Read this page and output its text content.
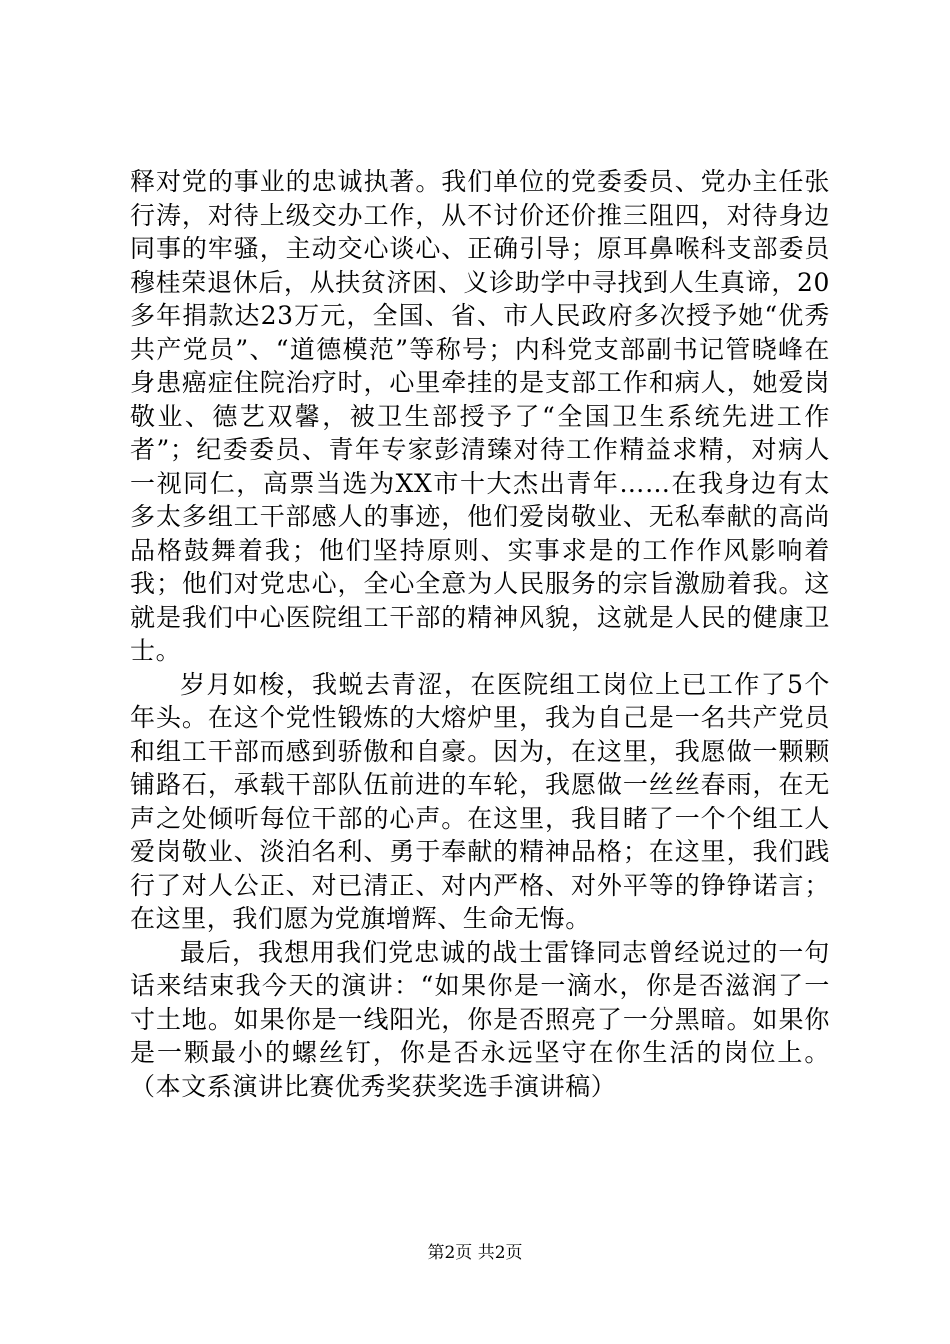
释对党的事业的忠诚执著。我们单位的党委委员、党办主任张行涛，对待上级交办工作，从不讨价还价推三阻四，对待身边同事的牢骚，主动交心谈心、正确引导；原耳鼻喉科支部委员穆桂荣退休后，从扶贫济困、义诊助学中寻找到人生真谛，20多年捐款达23万元，全国、省、市人民政府多次授予她“优秀共产党员”、“道德模范”等称号；内科党支部副书记管晓峰在身患癌症住院治疗时，心里牵挂的是支部工作和病人，她爱岗敬业、德艺双馨，被卫生部授予了“全国卫生系统先进工作者”；纪委委员、青年专家彭清臻对待工作精益求精，对病人一视同仁，高票当选为XX市十大杰出青年……在我身边有太多太多组工干部感人的事迹，他们爱岗敬业、无私奉献的高尚品格鼓舞着我；他们坚持原则、实事求是的工作作风影响着我；他们对党忠心，全心全意为人民服务的宗旨激励着我。这就是我们中心医院组工干部的精神风貌，这就是人民的健康卫士。

岁月如梭，我蜕去青涩，在医院组工岗位上已工作了5个年头。在这个党性锻炼的大熔炉里，我为自己是一名共产党员和组工干部而感到骄傲和自豪。因为，在这里，我愿做一颗颗铺路石，承载干部队伍前进的车轮，我愿做一丝丝春雨，在无声之处倾听每位干部的心声。在这里，我目睹了一个个组工人爱岗敬业、淡泊名利、勇于奉献的精神品格；在这里，我们践行了对人公正、对已清正、对内严格、对外平等的铮铮诺言；在这里，我们愿为党旗增辉、生命无悔。

最后，我想用我们党忠诚的战士雷锋同志曾经说过的一句话来结束我今天的演讲：“如果你是一滴水，你是否滋润了一寸土地。如果你是一线阳光，你是否照亮了一分黑暗。如果你是一颗最小的螺丝钉，你是否永远坚守在你生活的岗位上。（本文系演讲比赛优秀奖获奖选手演讲稿）

第2页 共2页
